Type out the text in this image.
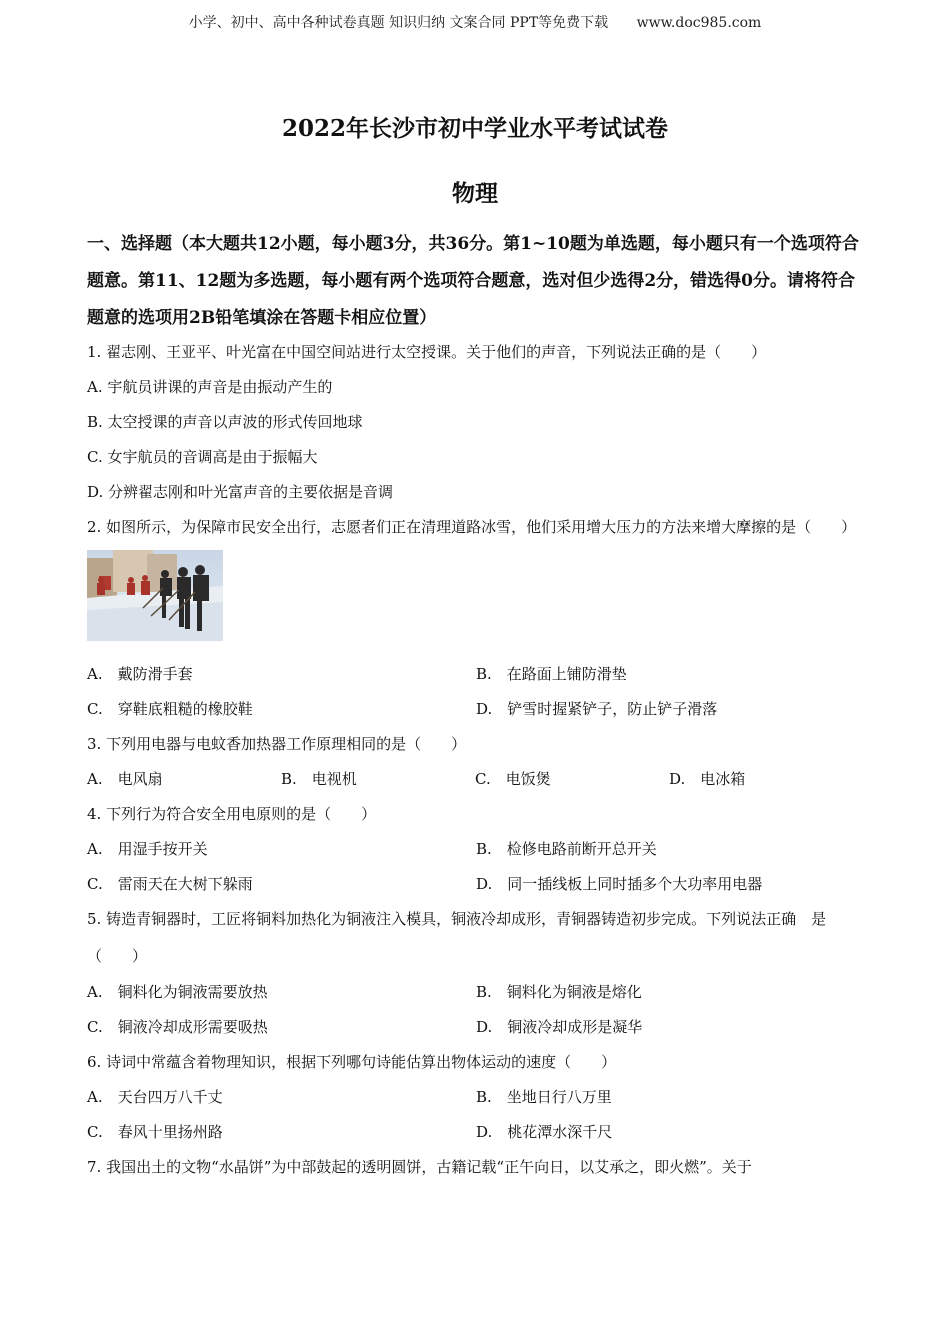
小学、初中、高中各种试卷真题 知识归纳 文案合同 PPT等免费下载 www.doc985.com
2022年长沙市初中学业水平考试试卷
物理
一、选择题（本大题共12小题，每小题3分，共36分。第1~10题为单选题，每小题只有一个选项符合题意。第11、12题为多选题，每小题有两个选项符合题意，选对但少选得2分，错选得0分。请将符合题意的选项用2B铅笔填涂在答题卡相应位置）
1. 翟志刚、王亚平、叶光富在中国空间站进行太空授课。关于他们的声音，下列说法正确的是（　　）
A. 宇航员讲课的声音是由振动产生的
B. 太空授课的声音以声波的形式传回地球
C. 女宇航员的音调高是由于振幅大
D. 分辨翟志刚和叶光富声音的主要依据是音调
2. 如图所示，为保障市民安全出行，志愿者们正在清理道路冰雪，他们采用增大压力的方法来增大摩擦的是（　　）
A.　戴防滑手套	B.　在路面上铺防滑垫
C.　穿鞋底粗糙的橡胶鞋	D.　铲雪时握紧铲子，防止铲子滑落
3. 下列用电器与电蚊香加热器工作原理相同的是（　　）
A.　电风扇	B.　电视机	C.　电饭煲	D.　电冰箱
4. 下列行为符合安全用电原则的是（　　）
A.　用湿手按开关	B.　检修电路前断开总开关
C.　雷雨天在大树下躲雨	D.　同一插线板上同时插多个大功率用电器
5. 铸造青铜器时，工匠将铜料加热化为铜液注入模具，铜液冷却成形，青铜器铸造初步完成。下列说法正确　是（　　）
A.　铜料化为铜液需要放热	B.　铜料化为铜液是熔化
C.　铜液冷却成形需要吸热	D.　铜液冷却成形是凝华
6. 诗词中常蕴含着物理知识，根据下列哪句诗能估算出物体运动的速度（　　）
A.　天台四万八千丈	B.　坐地日行八万里
C.　春风十里扬州路	D.　桃花潭水深千尺
7. 我国出土的文物“水晶饼”为中部鼓起的透明圆饼，古籍记载“正午向日，以艾承之，即火燃”。关于
